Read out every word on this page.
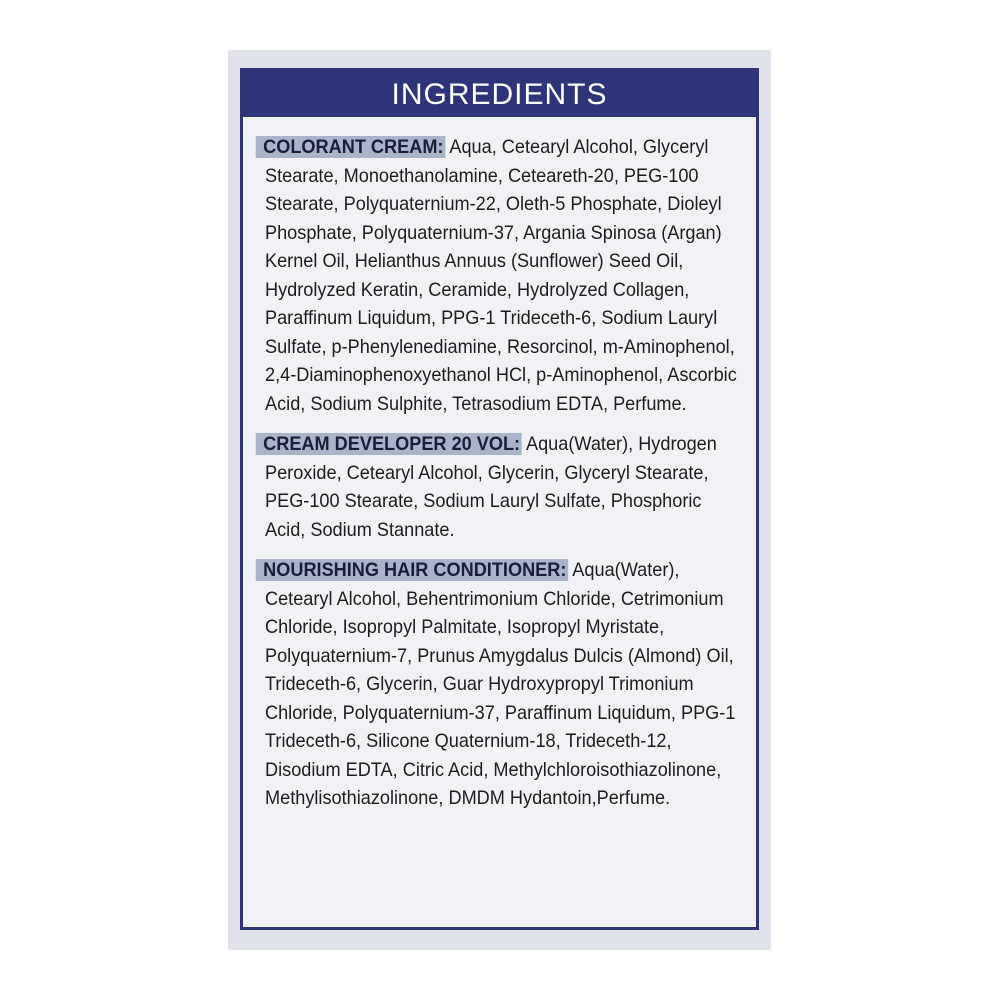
INGREDIENTS
COLORANT CREAM: Aqua, Cetearyl Alcohol, Glyceryl Stearate, Monoethanolamine, Ceteareth-20, PEG-100 Stearate, Polyquaternium-22, Oleth-5 Phosphate, Dioleyl Phosphate, Polyquaternium-37, Argania Spinosa (Argan) Kernel Oil, Helianthus Annuus (Sunflower) Seed Oil, Hydrolyzed Keratin, Ceramide, Hydrolyzed Collagen, Paraffinum Liquidum, PPG-1 Trideceth-6, Sodium Lauryl Sulfate, p-Phenylenediamine, Resorcinol, m-Aminophenol, 2,4-Diaminophenoxyethanol HCl, p-Aminophenol, Ascorbic Acid, Sodium Sulphite, Tetrasodium EDTA, Perfume.
CREAM DEVELOPER 20 VOL: Aqua(Water), Hydrogen Peroxide, Cetearyl Alcohol, Glycerin, Glyceryl Stearate, PEG-100 Stearate, Sodium Lauryl Sulfate, Phosphoric Acid, Sodium Stannate.
NOURISHING HAIR CONDITIONER: Aqua(Water), Cetearyl Alcohol, Behentrimonium Chloride, Cetrimonium Chloride, Isopropyl Palmitate, Isopropyl Myristate, Polyquaternium-7, Prunus Amygdalus Dulcis (Almond) Oil, Trideceth-6, Glycerin, Guar Hydroxypropyl Trimonium Chloride, Polyquaternium-37, Paraffinum Liquidum, PPG-1 Trideceth-6, Silicone Quaternium-18, Trideceth-12, Disodium EDTA, Citric Acid, Methylchloroisothiazolinone, Methylisothiazolinone, DMDM Hydantoin,Perfume.
